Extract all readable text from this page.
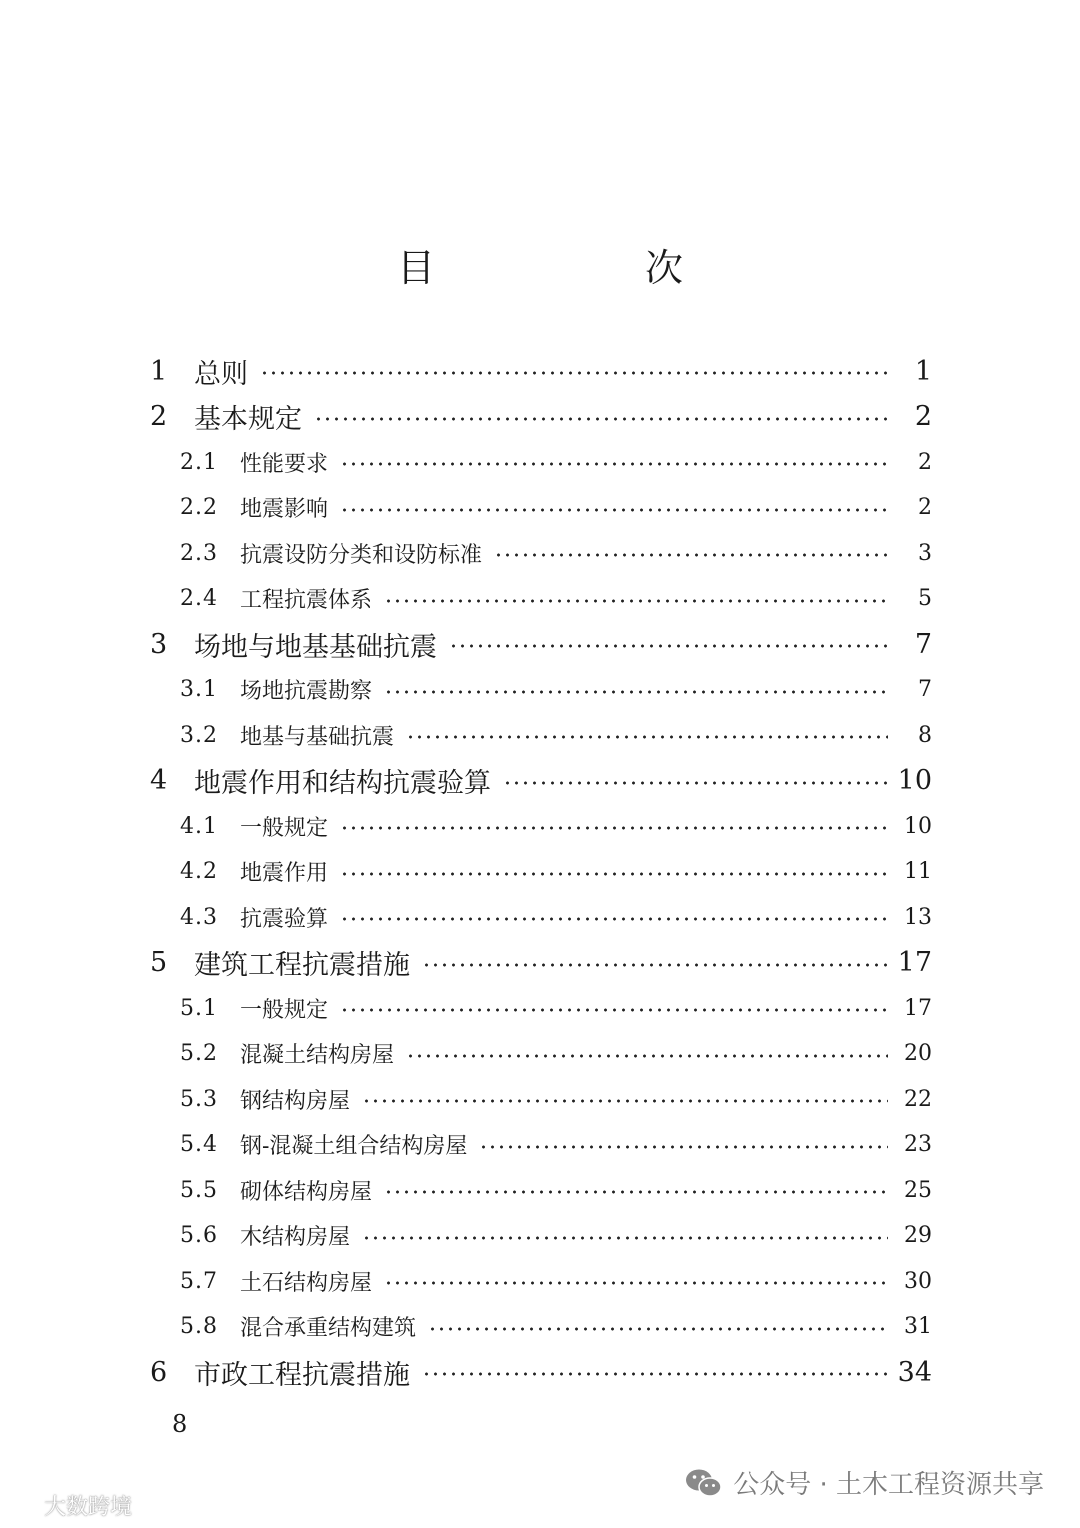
目　次
1 总则	1
2 基本规定	2
2.1	性能要求	2
2.2	地震影响	2
2.3	抗震设防分类和设防标准	3
2.4	工程抗震体系	5
3 场地与地基基础抗震	7
3.1	场地抗震勘察	7
3.2	地基与基础抗震	8
4 地震作用和结构抗震验算	10
4.1	一般规定	10
4.2	地震作用	11
4.3	抗震验算	13
5 建筑工程抗震措施	17
5.1	一般规定	17
5.2	混凝土结构房屋	20
5.3	钢结构房屋	22
5.4	钢-混凝土组合结构房屋	23
5.5	砌体结构房屋	25
5.6	木结构房屋	29
5.7	土石结构房屋	30
5.8	混合承重结构建筑	31
6 市政工程抗震措施	34
8
公众号 · 土木工程资源共享
大数跨境
